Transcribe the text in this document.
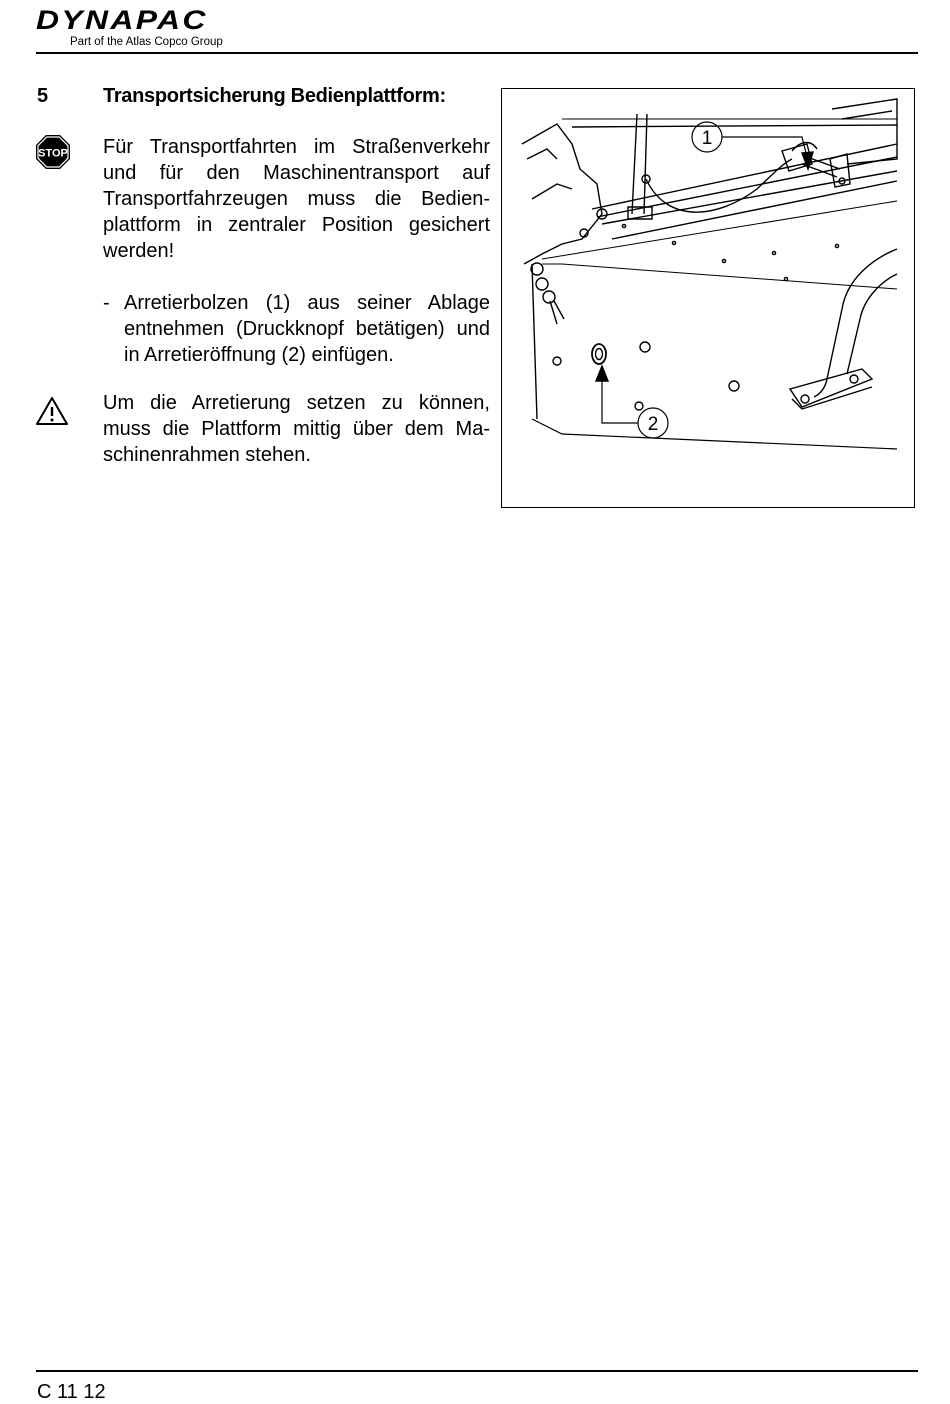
DYNAPAC
Part of the Atlas Copco Group
5	Transportsicherung Bedienplattform:
STOP Für Transportfahrten im Straßenverkehr und für den Maschinentransport auf Transportfahrzeugen muss die Bedien-plattform in zentraler Position gesichert werden!
- Arretierbolzen (1) aus seiner Ablage entnehmen (Druckknopf betätigen) und in Arretieröffnung (2) einfügen.
Um die Arretierung setzen zu können, muss die Plattform mittig über dem Ma-schinenrahmen stehen.
1
2
C 11 12
